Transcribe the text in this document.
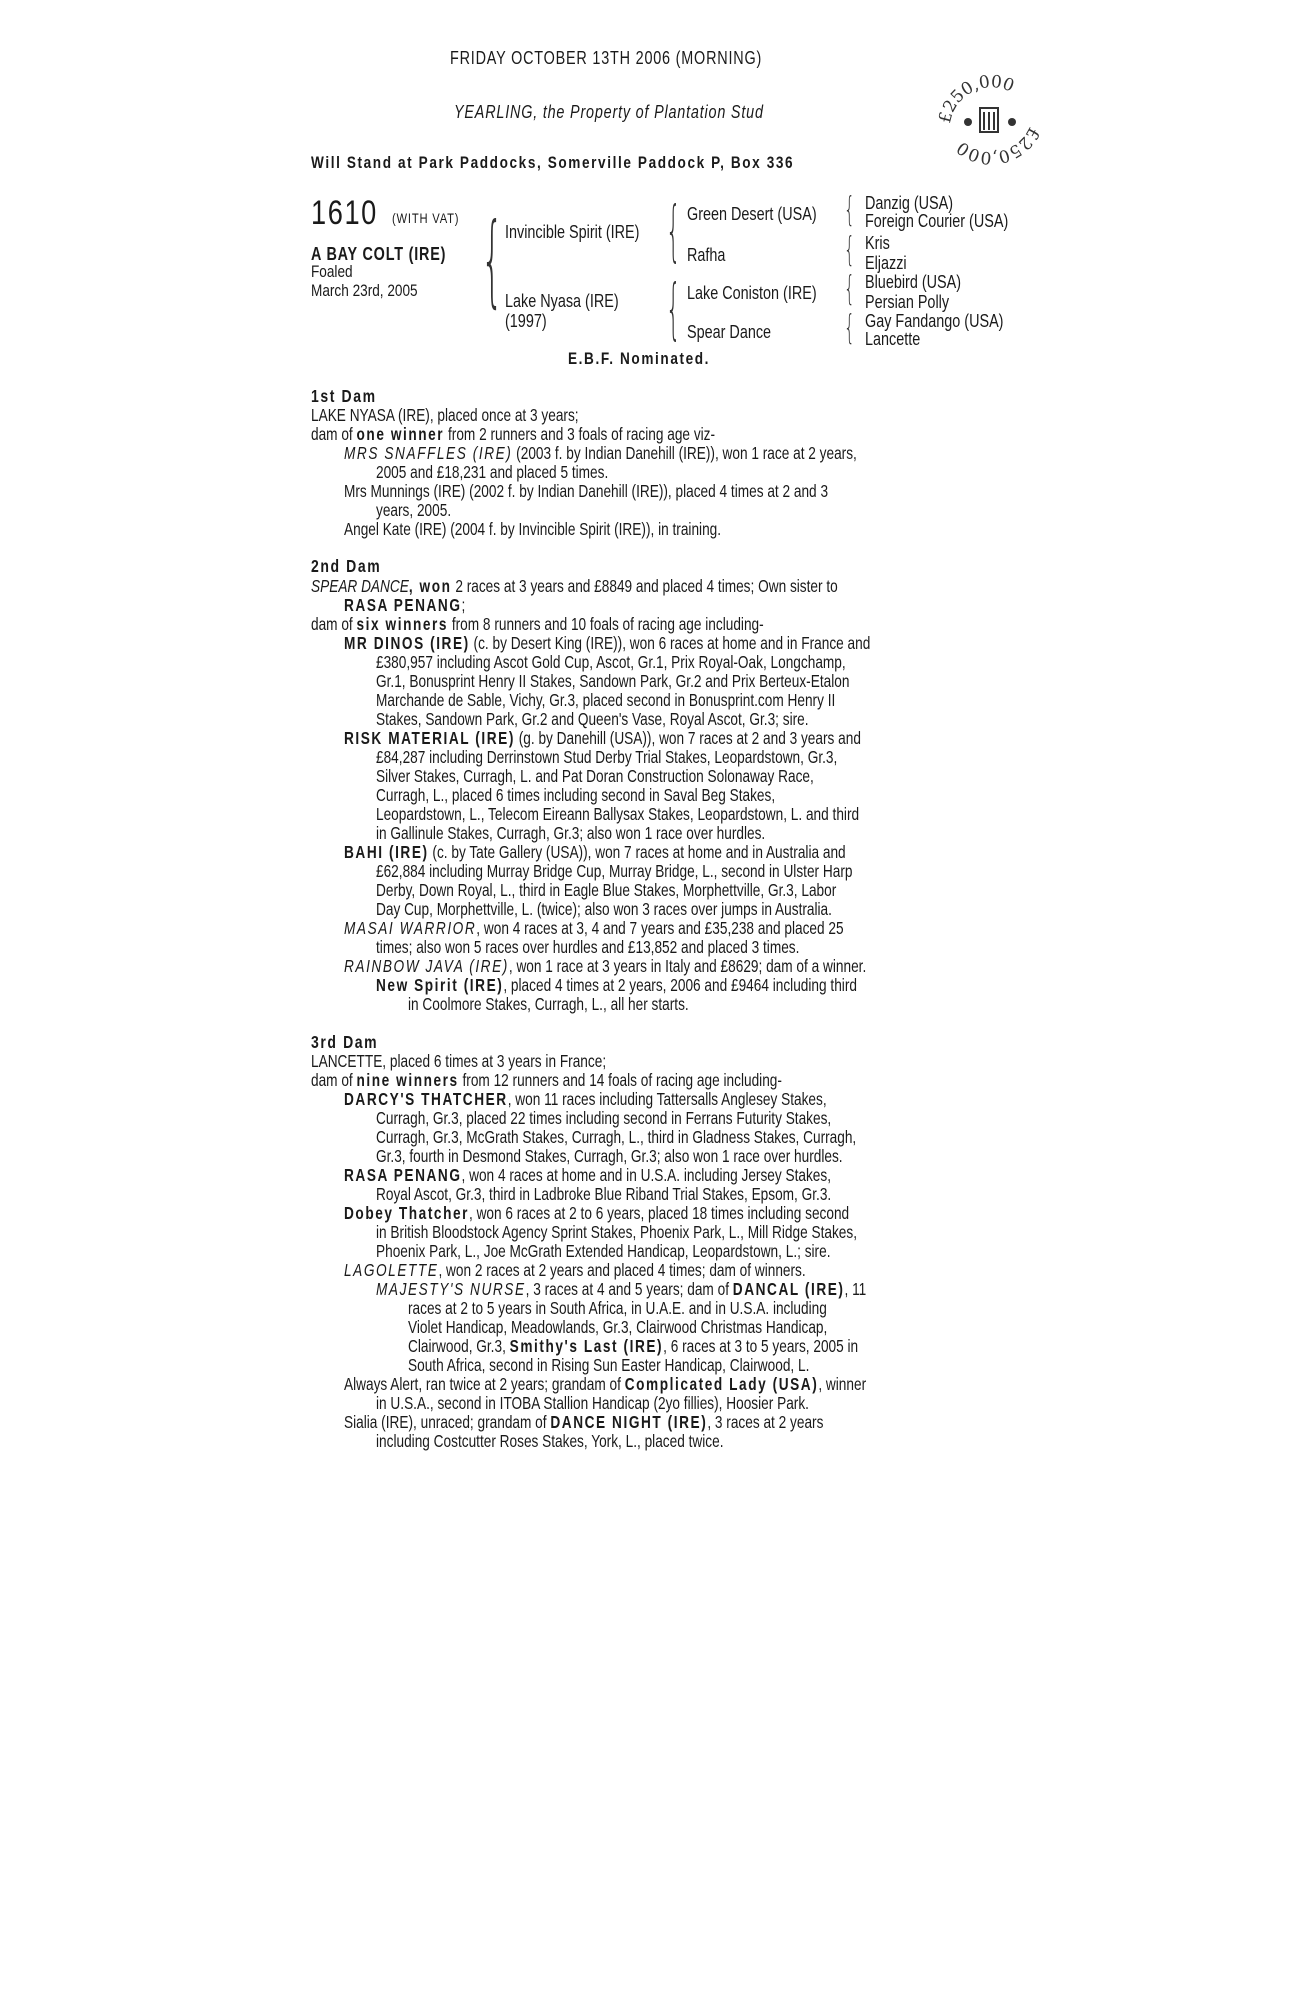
FRIDAY OCTOBER 13TH 2006 (MORNING)
YEARLING, the Property of Plantation Stud
Will Stand at Park Paddocks, Somerville Paddock P, Box 336
£250,000
£250,000
1610	(WITH VAT)
A BAY COLT (IRE)
Foaled
March 23rd, 2005 { {
{
{
{
{
{
Invincible Spirit (IRE)
Lake Nyasa (IRE)
(1997)
Green Desert (USA)
Rafha
Lake Coniston (IRE)
Spear Dance
Danzig (USA)
Foreign Courier (USA)
Kris
Eljazzi
Bluebird (USA)
Persian Polly
Gay Fandango (USA)
Lancette
E.B.F. Nominated.
1st Dam
LAKE NYASA (IRE), placed once at 3 years;
dam of one winner from 2 runners and 3 foals of racing age viz-
MRS SNAFFLES (IRE) (2003 f. by Indian Danehill (IRE)), won 1 race at 2 years,
2005 and £18,231 and placed 5 times.
Mrs Munnings (IRE) (2002 f. by Indian Danehill (IRE)), placed 4 times at 2 and 3
years, 2005.
Angel Kate (IRE) (2004 f. by Invincible Spirit (IRE)), in training.
2nd Dam
SPEAR DANCE, won 2 races at 3 years and £8849 and placed 4 times; Own sister to
RASA PENANG;
dam of six winners from 8 runners and 10 foals of racing age including-
MR DINOS (IRE) (c. by Desert King (IRE)), won 6 races at home and in France and
£380,957 including Ascot Gold Cup, Ascot, Gr.1, Prix Royal-Oak, Longchamp,
Gr.1, Bonusprint Henry II Stakes, Sandown Park, Gr.2 and Prix Berteux-Etalon
Marchande de Sable, Vichy, Gr.3, placed second in Bonusprint.com Henry II
Stakes, Sandown Park, Gr.2 and Queen's Vase, Royal Ascot, Gr.3; sire.
RISK MATERIAL (IRE) (g. by Danehill (USA)), won 7 races at 2 and 3 years and
£84,287 including Derrinstown Stud Derby Trial Stakes, Leopardstown, Gr.3,
Silver Stakes, Curragh, L. and Pat Doran Construction Solonaway Race,
Curragh, L., placed 6 times including second in Saval Beg Stakes,
Leopardstown, L., Telecom Eireann Ballysax Stakes, Leopardstown, L. and third
in Gallinule Stakes, Curragh, Gr.3; also won 1 race over hurdles.
BAHI (IRE) (c. by Tate Gallery (USA)), won 7 races at home and in Australia and
£62,884 including Murray Bridge Cup, Murray Bridge, L., second in Ulster Harp
Derby, Down Royal, L., third in Eagle Blue Stakes, Morphettville, Gr.3, Labor
Day Cup, Morphettville, L. (twice); also won 3 races over jumps in Australia.
MASAI WARRIOR, won 4 races at 3, 4 and 7 years and £35,238 and placed 25
times; also won 5 races over hurdles and £13,852 and placed 3 times.
RAINBOW JAVA (IRE), won 1 race at 3 years in Italy and £8629; dam of a winner.
New Spirit (IRE), placed 4 times at 2 years, 2006 and £9464 including third
in Coolmore Stakes, Curragh, L., all her starts.
3rd Dam
LANCETTE, placed 6 times at 3 years in France;
dam of nine winners from 12 runners and 14 foals of racing age including-
DARCY'S THATCHER, won 11 races including Tattersalls Anglesey Stakes,
Curragh, Gr.3, placed 22 times including second in Ferrans Futurity Stakes,
Curragh, Gr.3, McGrath Stakes, Curragh, L., third in Gladness Stakes, Curragh,
Gr.3, fourth in Desmond Stakes, Curragh, Gr.3; also won 1 race over hurdles.
RASA PENANG, won 4 races at home and in U.S.A. including Jersey Stakes,
Royal Ascot, Gr.3, third in Ladbroke Blue Riband Trial Stakes, Epsom, Gr.3.
Dobey Thatcher, won 6 races at 2 to 6 years, placed 18 times including second
in British Bloodstock Agency Sprint Stakes, Phoenix Park, L., Mill Ridge Stakes,
Phoenix Park, L., Joe McGrath Extended Handicap, Leopardstown, L.; sire.
LAGOLETTE, won 2 races at 2 years and placed 4 times; dam of winners.
MAJESTY'S NURSE, 3 races at 4 and 5 years; dam of DANCAL (IRE), 11
races at 2 to 5 years in South Africa, in U.A.E. and in U.S.A. including
Violet Handicap, Meadowlands, Gr.3, Clairwood Christmas Handicap,
Clairwood, Gr.3, Smithy's Last (IRE), 6 races at 3 to 5 years, 2005 in
South Africa, second in Rising Sun Easter Handicap, Clairwood, L.
Always Alert, ran twice at 2 years; grandam of Complicated Lady (USA), winner
in U.S.A., second in ITOBA Stallion Handicap (2yo fillies), Hoosier Park.
Sialia (IRE), unraced; grandam of DANCE NIGHT (IRE), 3 races at 2 years
including Costcutter Roses Stakes, York, L., placed twice.
